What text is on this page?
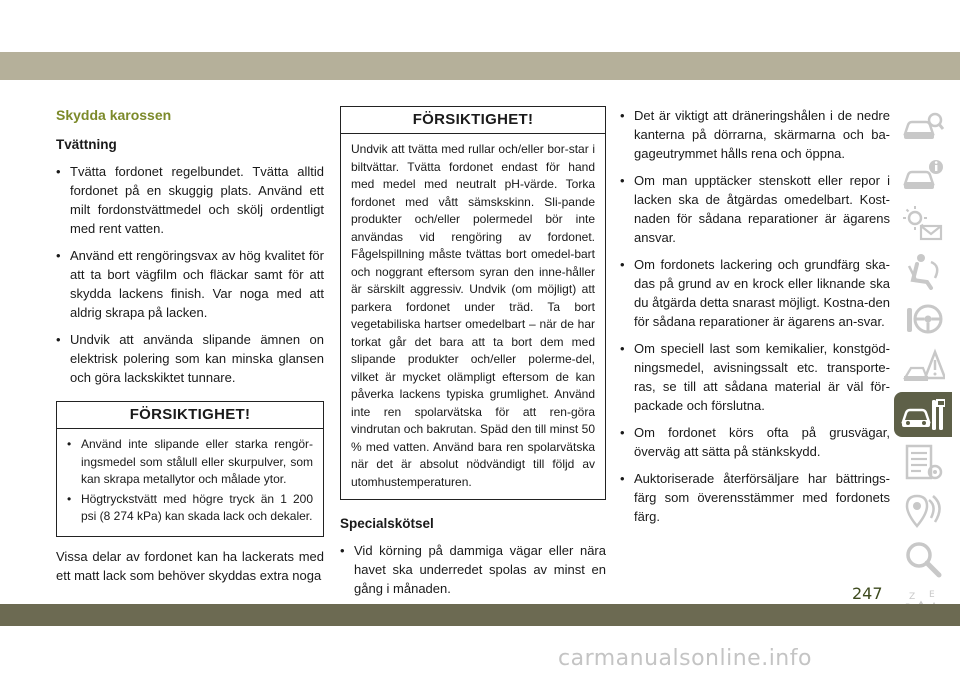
Skydda karossen
Tvättning
• Tvätta fordonet regelbundet. Tvätta alltid fordonet på en skuggig plats. Använd ett milt fordonstvättmedel och skölj ordentligt med rent vatten.
• Använd ett rengöringsvax av hög kvalitet för att ta bort vägfilm och fläckar samt för att skydda lackens finish. Var noga med att aldrig skrapa på lacken.
• Undvik att använda slipande ämnen on elektrisk polering som kan minska glansen och göra lackskiktet tunnare.
FÖRSIKTIGHET!
• Använd inte slipande eller starka rengör-ingsmedel som stålull eller skurpulver, som kan skrapa metallytor och målade ytor.
• Högtryckstvätt med högre tryck än 1 200 psi (8 274 kPa) kan skada lack och dekaler.

Vissa delar av fordonet kan ha lackerats med ett matt lack som behöver skyddas extra noga

FÖRSIKTIGHET!

Undvik att tvätta med rullar och/eller bor-star i biltvättar. Tvätta fordonet endast för hand med medel med neutralt pH-värde. Torka fordonet med vått sämskskinn. Sli-pande produkter och/eller polermedel bör inte användas vid rengöring av fordonet. Fågelspillning måste tvättas bort omedel-bart och noggrant eftersom syran den inne-håller är särskilt aggressiv. Undvik (om möjligt) att parkera fordonet under träd. Ta bort vegetabiliska hartser omedelbart – när de har torkat går det bara att ta bort dem med slipande produkter och/eller polerme-del, vilket är mycket olämpligt eftersom de kan påverka lackens typiska grumlighet. Använd inte ren spolarvätska för att ren-göra vindrutan och bakrutan. Späd den till minst 50 % med vatten. Använd bara ren spolarvätska när det är absolut nödvändigt till följd av utomhustemperaturen.

Specialskötsel
• Vid körning på dammiga vägar eller nära havet ska underredet spolas av minst en gång i månaden.
• Det är viktigt att dräneringshålen i de nedre kanterna på dörrarna, skärmarna och ba-gageutrymmet hålls rena och öppna.
• Om man upptäcker stenskott eller repor i lacken ska de åtgärdas omedelbart. Kost-naden för sådana reparationer är ägarens ansvar.
• Om fordonets lackering och grundfärg ska-das på grund av en krock eller liknande ska du åtgärda detta snarast möjligt. Kostna-den för sådana reparationer är ägarens an-svar.
• Om speciell last som kemikalier, konstgöd-ningsmedel, avisningssalt etc. transporte-ras, se till att sådana material är väl för-packade och förslutna.
• Om fordonet körs ofta på grusvägar, överväg att sätta på stänkskydd.
• Auktoriserade återförsäljare har bättrings-färg som överensstämmer med fordonets färg.
Z E
247
carmanualsonline.info
